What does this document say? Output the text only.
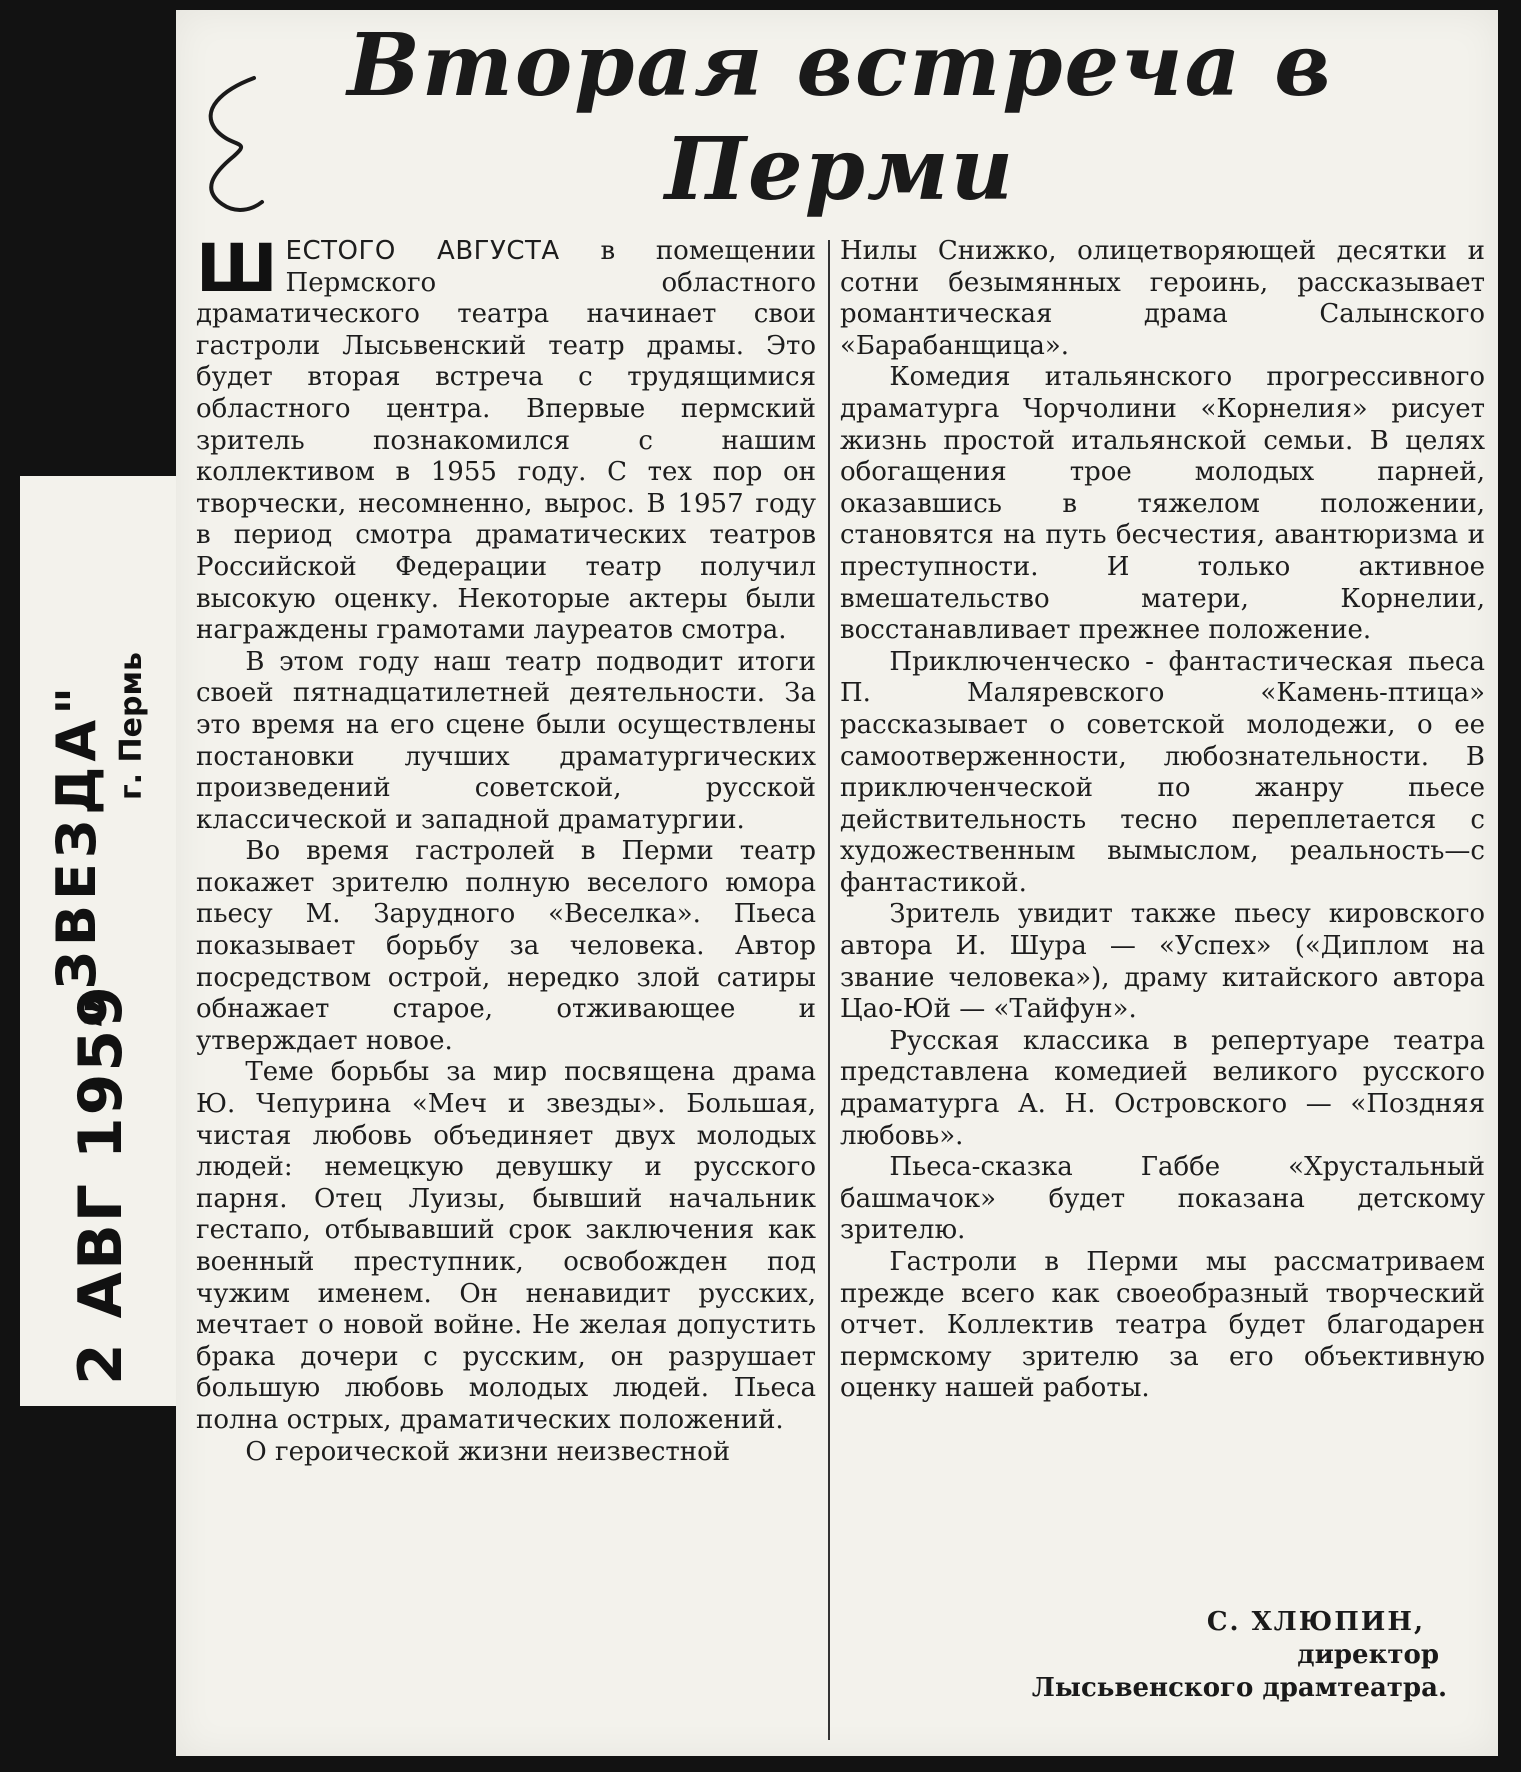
Вторая встреча в Перми

ШЕСТОГО АВГУСТА в помещении Пермского областного драматического театра начинает свои гастроли Лысьвенский театр драмы. Это будет вторая встреча с трудящимися областного центра. Впервые пермский зритель познакомился с нашим коллективом в 1955 году. С тех пор он творчески, несомненно, вырос. В 1957 году в период смотра драматических театров Российской Федерации театр получил высокую оценку. Некоторые актеры были награждены грамотами лауреатов смотра.

В этом году наш театр подводит итоги своей пятнадцатилетней деятельности. За это время на его сцене были осуществлены постановки лучших драматургических произведений советской, русской классической и западной драматургии.

Во время гастролей в Перми театр покажет зрителю полную веселого юмора пьесу М. Зарудного «Веселка». Пьеса показывает борьбу за человека. Автор посредством острой, нередко злой сатиры обнажает старое, отживающее и утверждает новое.

Теме борьбы за мир посвящена драма Ю. Чепурина «Меч и звезды». Большая, чистая любовь объединяет двух молодых людей: немецкую девушку и русского парня. Отец Луизы, бывший начальник гестапо, отбывавший срок заключения как военный преступник, освобожден под чужим именем. Он ненавидит русских, мечтает о новой войне. Не желая допустить брака дочери с русским, он разрушает большую любовь молодых людей. Пьеса полна острых, драматических положений.

О героической жизни неизвестной

Нилы Снижко, олицетворяющей десятки и сотни безымянных героинь, рассказывает романтическая драма Салынского «Барабанщица».

Комедия итальянского прогрессивного драматурга Чорчолини «Корнелия» рисует жизнь простой итальянской семьи. В целях обогащения трое молодых парней, оказавшись в тяжелом положении, становятся на путь бесчестия, авантюризма и преступности. И только активное вмешательство матери, Корнелии, восстанавливает прежнее положение.

Приключенческо - фантастическая пьеса П. Маляревского «Камень-птица» рассказывает о советской молодежи, о ее самоотверженности, любознательности. В приключенческой по жанру пьесе действительность тесно переплетается с художественным вымыслом, реальность—с фантастикой.

Зритель увидит также пьесу кировского автора И. Шура — «Успех» («Диплом на звание человека»), драму китайского автора Цао-Юй — «Тайфун».

Русская классика в репертуаре театра представлена комедией великого русского драматурга А. Н. Островского — «Поздняя любовь».

Пьеса-сказка Габбе «Хрустальный башмачок» будет показана детскому зрителю.

Гастроли в Перми мы рассматриваем прежде всего как своеобразный творческий отчет. Коллектив театра будет благодарен пермскому зрителю за его объективную оценку нашей работы.

С. ХЛЮПИН,
директор
Лысьвенского драмтеатра.
„ЗВЕЗДА" г. Пермь
2 АВГ 1959
